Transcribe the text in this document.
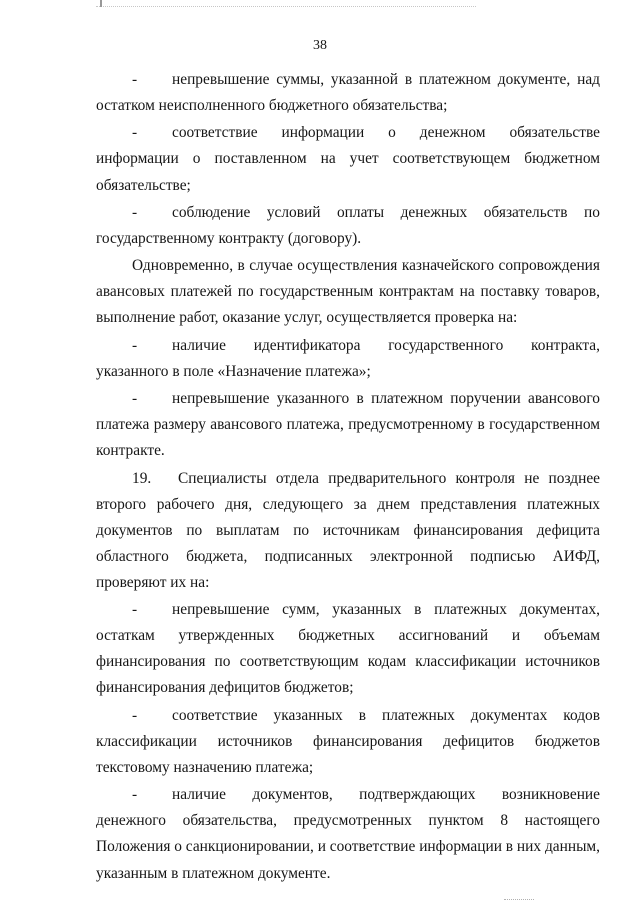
38

- непревышение суммы, указанной в платежном документе, над остатком неисполненного бюджетного обязательства;

- соответствие информации о денежном обязательстве информации о поставленном на учет соответствующем бюджетном обязательстве;

- соблюдение условий оплаты денежных обязательств по государственному контракту (договору).

Одновременно, в случае осуществления казначейского сопровождения авансовых платежей по государственным контрактам на поставку товаров, выполнение работ, оказание услуг, осуществляется проверка на:

- наличие идентификатора государственного контракта, указанного в поле «Назначение платежа»;

- непревышение указанного в платежном поручении авансового платежа размеру авансового платежа, предусмотренному в государственном контракте.

19. Специалисты отдела предварительного контроля не позднее второго рабочего дня, следующего за днем представления платежных документов по выплатам по источникам финансирования дефицита областного бюджета, подписанных электронной подписью АИФД, проверяют их на:

- непревышение сумм, указанных в платежных документах, остаткам утвержденных бюджетных ассигнований и объемам финансирования по соответствующим кодам классификации источников финансирования дефицитов бюджетов;

- соответствие указанных в платежных документах кодов классификации источников финансирования дефицитов бюджетов текстовому назначению платежа;

- наличие документов, подтверждающих возникновение денежного обязательства, предусмотренных пунктом 8 настоящего Положения о санкционировании, и соответствие информации в них данным, указанным в платежном документе.
